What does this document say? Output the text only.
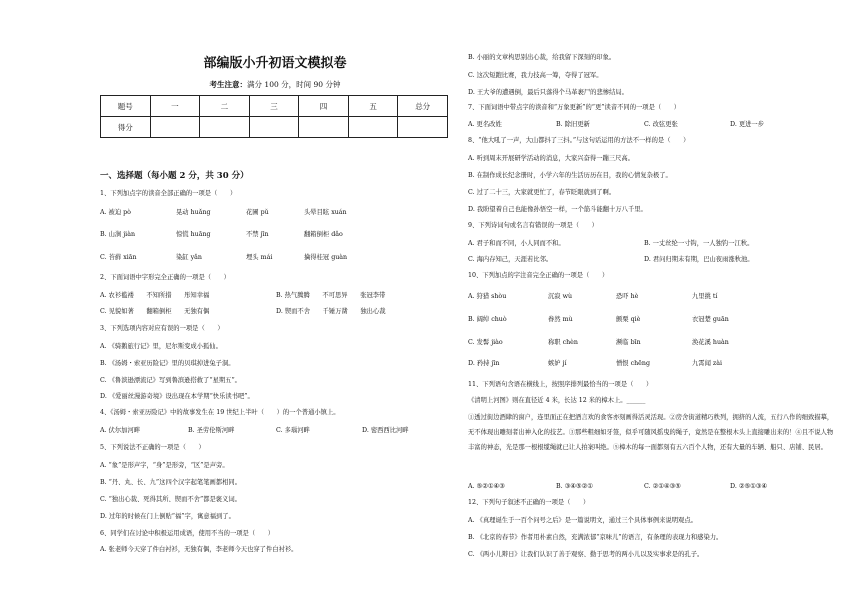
部编版小升初语文模拟卷
考生注意：满分 100 分，时间 90 分钟
题号	一	二	三	四	五	总分
得分						
一、选择题（每小题 2 分，共 30 分）
1、下列加点字的读音全部正确的一项是（　　）
A. 被迫 pò	晃动 huǎng	花圃 pǔ	头晕目眩 xuán
B. 山涧 jiàn	惊慌 huāng	不禁 jīn	翻箱倒柜 dǎo
C. 苔藓 xiān	染缸 yǎn	埋头 mái	擒得桂冠 guàn
2、下面词语中字形完全正确的一项是（　　）
A. 农衫褴褛　　不知所措　　彤知幸福	B. 热气腾腾　　不可思异　　张冠李带
C. 见貌如著　　翻箱倒柜　　无独有偶	D. 锲而不舍　　千锤万凿　　独出心裁
3、下列选项内容对应有误的一项是（　　）
A. 《骑鹅旅行记》里，尼尔斯变成小狐仙。
B. 《汤姆・索亚历险记》里的贝琪掉进兔子洞。
C. 《鲁滨逊漂流记》写到鲁滨逊搭救了“星期五”。
D. 《爱丽丝漫游奇境》设出现在本学期“快乐读书吧”。
4、《汤姆・索亚历险记》中的故事发生在 19 世纪上半叶（　　）的一个普通小镇上。
A. 伏尔加河畔	B. 圣劳伦斯河畔	C. 多瑙河畔	D. 密西西比河畔
5、下列说法不正确的一项是（　　）
A. “象”是形声字，“身”是形旁，“区”是声旁。
B. “丹、丸、长、九”这四个汉字起笔笔画都相同。
C. “独出心裁、死得其所、锲而不舍”都是褒义词。
D. 过年的时候在门上倒贴“福”字，寓意福到了。
6、同学们在讨论中积极运用成语，使用不当的一项是（　　）
A. 张老师今天穿了件白衬衫，无独有偶，李老师今天也穿了件白衬衫。
B. 小丽的文章构思别出心裁，给我留下深刻的印象。
C. 这次短跑比赛，我力技高一筹，夺得了冠军。
D. 王大爷的遭遇倒，最后只落得个马革裹尸的悲惨结局。
7、下面词语中带点字的读音和“万象更新”的“更”读音不同的一项是（　　）
A. 更名改姓	B. 除旧更新	C. 改弦更张	D. 更进一步
8、“他大吼了一声，大山都抖了三抖。”与这句话运用的方法不一样的是（　　）
A. 听到周末开展研学活动的消息，大家兴奋得一蹦三尺高。
B. 在制作成长纪念册时，小学六年的生活历历在目，我的心情复杂极了。
C. 过了二十三，大家就更忙了，春节眨眼就到了啊。
D. 我盼望着自己也能像孙悟空一样，一个筋斗能翻十万八千里。
9、下列诗词句或名言有错误的一项是（　　）
A. 君子和而不同，小人同而不和。	B. 一丈丝纶一寸钩，一人独钓一江秋。
C. 海内存知己，天涯若比邻。	D. 君问归期未有期，巴山夜雨涨秋池。
10、下列加点的字注音完全正确的一项是（　　）
A. 狩猎 shòu	沉寂 wù	恐吓 hè	九里挑 tí
B. 阔绰 chuò	眷然 mù	颤栗 qiè	衣冠楚 guān
C. 发髻 jiào	称职 chèn	濒临 bīn	涣花溪 huàn
D. 矜持 jīn	嫉妒 jí	憎恨 chēng	九霄闻 zài
11、下列语句含语在横线上，按照序排列最恰当的一项是（　　）
《清明上河图》则在直径近 4 米，长达 12 米的樟木上。______
①透过街边酒肆的窗户，连里面正在把酒言欢的食客亦刻画得活灵活现。②房舍街道精巧秩列，拥挤的人流，五行八作的细致描摹，无不体现出雕刻者出神入化的技艺。③那些粗细如牙签，似乎可随风摇曳的绳子，竟然是在整根木头上直接雕出来的！④且不说人物丰富的神态，光是那一根根缆绳就已让人拍案叫绝。⑤樟木的每一面都刻有五六百个人物，还有大量的车辆、船只、店铺、民居。
A. ⑤②①④③	B. ③④⑤②①	C. ②①④③⑤	D. ②⑤①③④
12、下列句子叙述不正确的一项是（　　）
A. 《真理诞生于一百个问号之后》是一篇说明文，通过三个具体事例来说明观点。
B. 《北京的春节》作者用朴素自然，充满浓郁“京味儿”的语言，有条理的表现力和感染力。
C. 《两小儿辩日》让我们认识了善于观察、勤于思考的两小儿以及实事求是的孔子。
